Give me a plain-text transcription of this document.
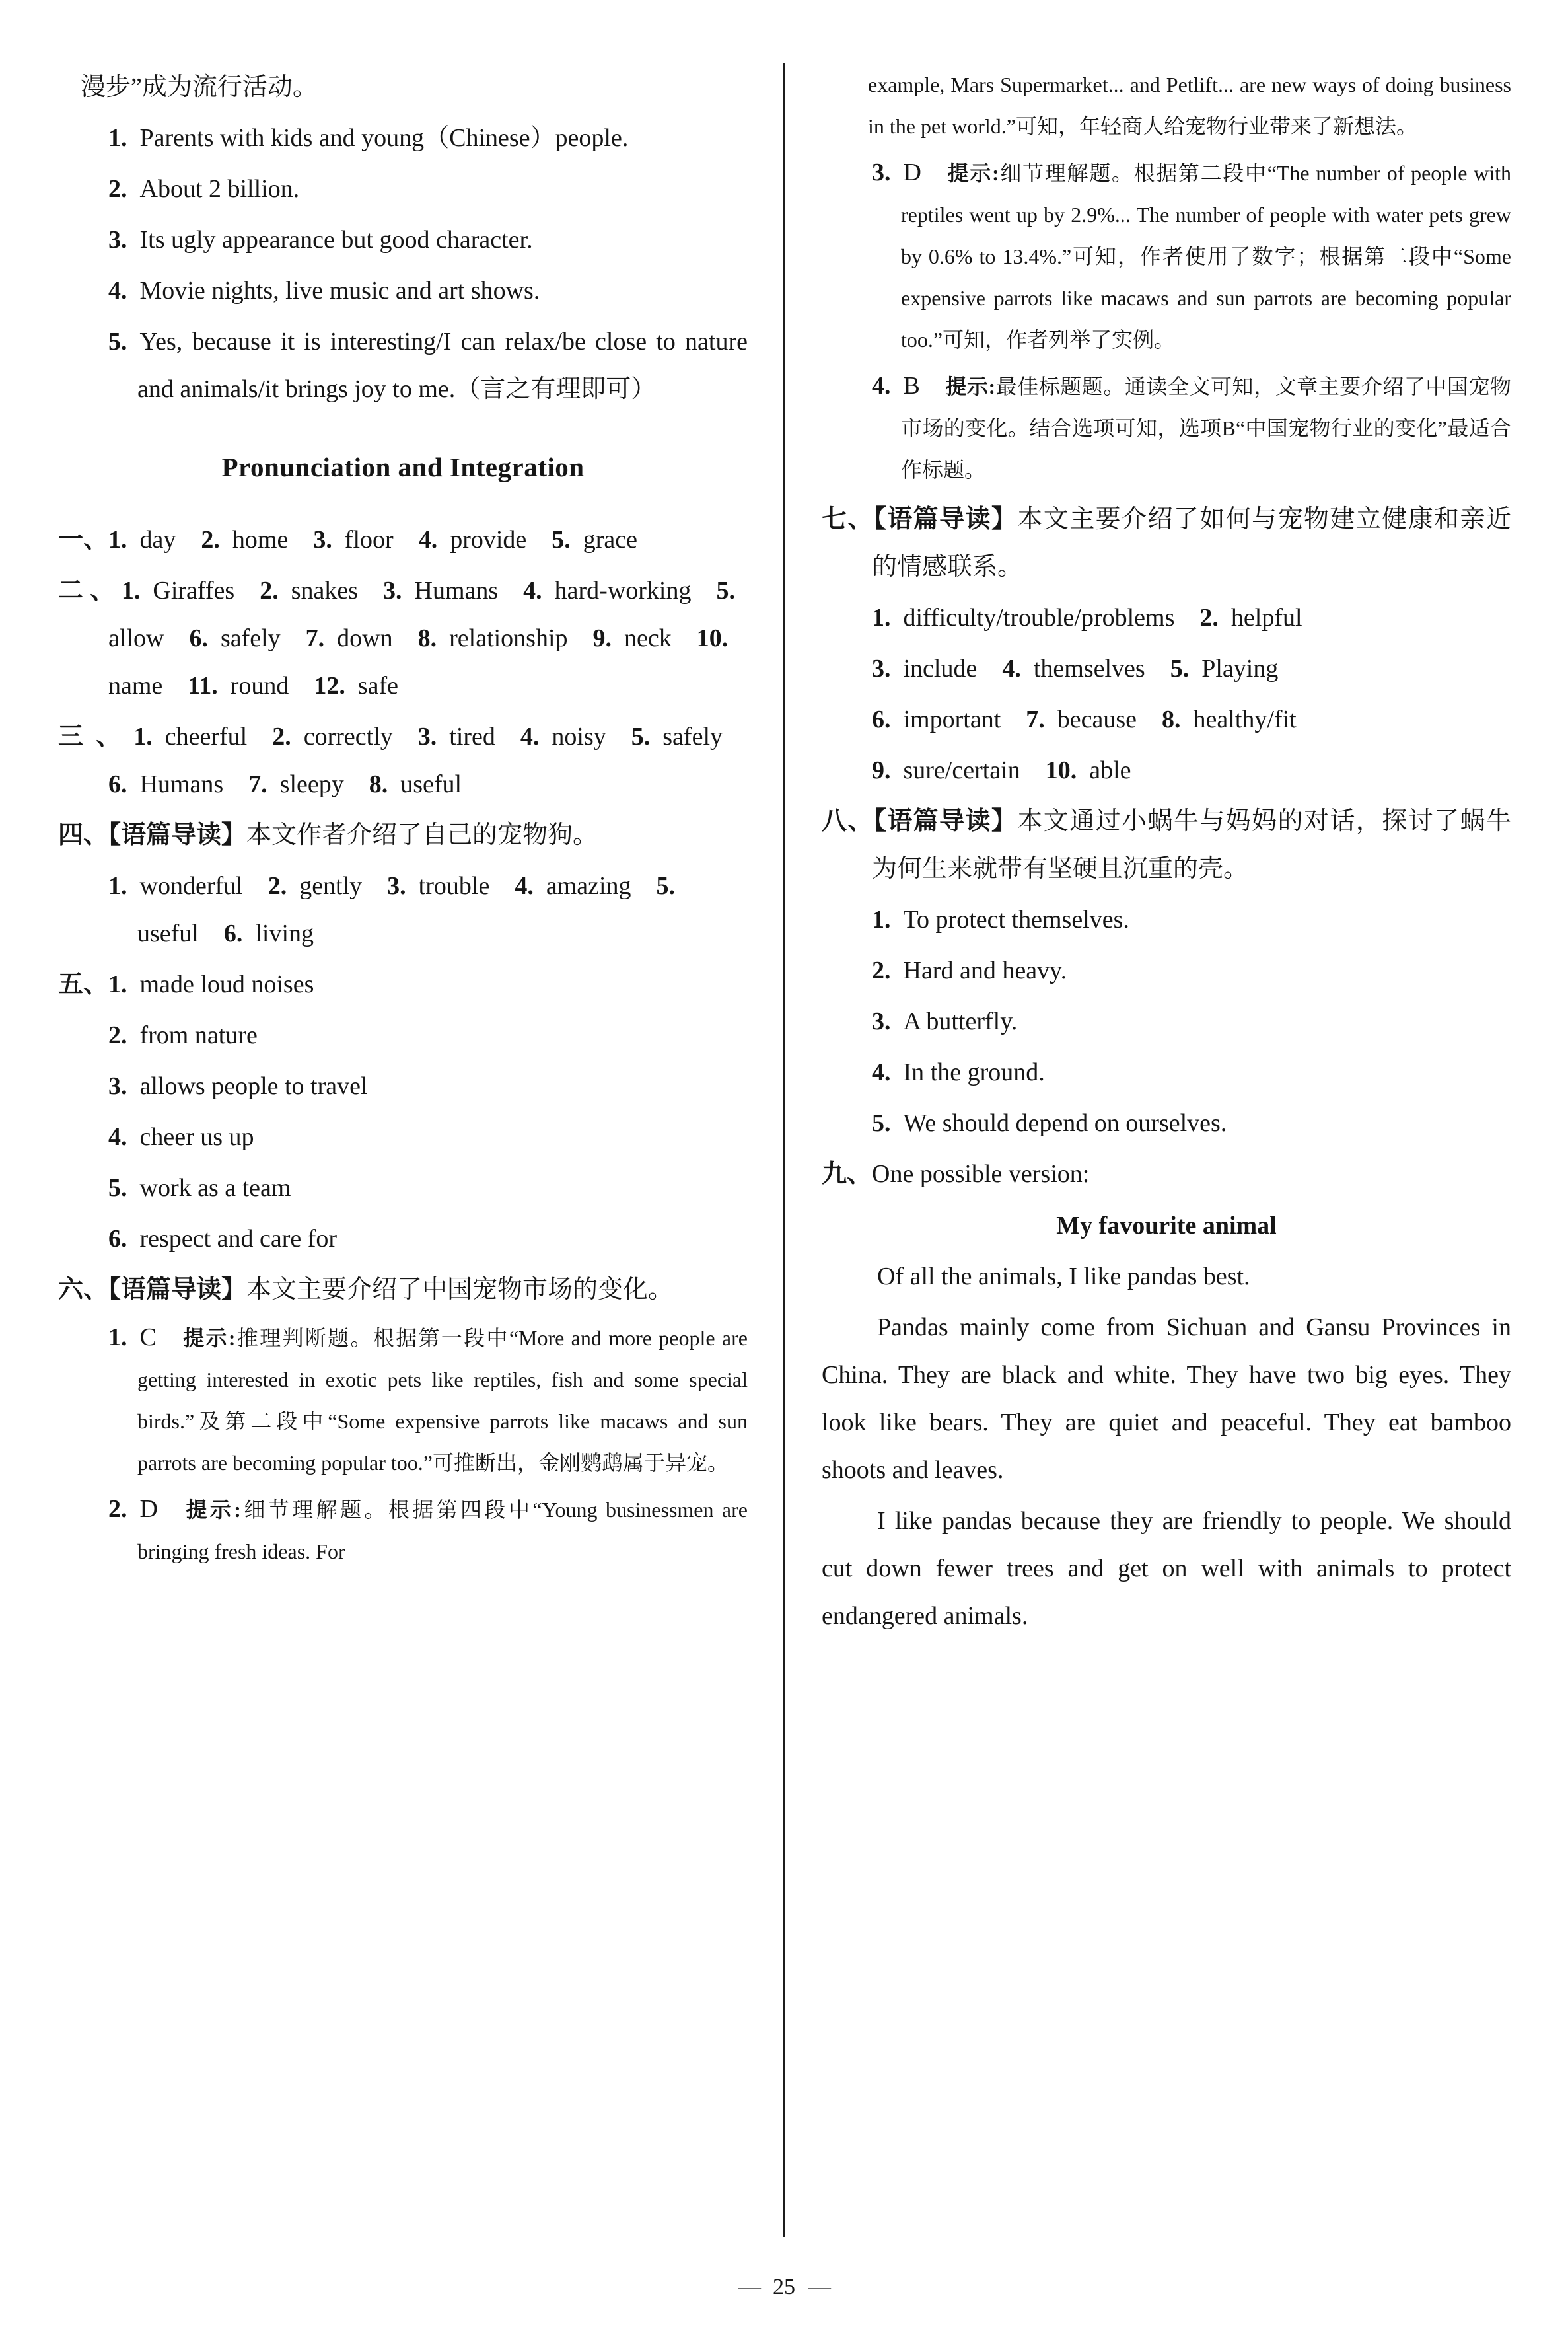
漫步”成为流行活动。
1. Parents with kids and young（Chinese）people.
2. About 2 billion.
3. Its ugly appearance but good character.
4. Movie nights, live music and art shows.
5. Yes, because it is interesting/I can relax/be close to nature and animals/it brings joy to me.（言之有理即可）
Pronunciation and Integration
一、1. day 2. home 3. floor 4. provide 5. grace
二、1. Giraffes 2. snakes 3. Humans 4. hard-working 5. allow 6. safely 7. down 8. relationship 9. neck 10. name 11. round 12. safe
三、1. cheerful 2. correctly 3. tired 4. noisy 5. safely 6. Humans 7. sleepy 8. useful
四、【语篇导读】本文作者介绍了自己的宠物狗。
1. wonderful 2. gently 3. trouble 4. amazing 5. useful 6. living
五、1. made loud noises
2. from nature
3. allows people to travel
4. cheer us up
5. work as a team
6. respect and care for
六、【语篇导读】本文主要介绍了中国宠物市场的变化。
1. C 提示:推理判断题。根据第一段中“More and more people are getting interested in exotic pets like reptiles, fish and some special birds.”及第二段中“Some expensive parrots like macaws and sun parrots are becoming popular too.”可推断出，金刚鹦鹉属于异宠。
2. D 提示:细节理解题。根据第四段中“Young businessmen are bringing fresh ideas. For
example, Mars Supermarket... and Petlift... are new ways of doing business in the pet world.”可知，年轻商人给宠物行业带来了新想法。
3. D 提示:细节理解题。根据第二段中“The number of people with reptiles went up by 2.9%... The number of people with water pets grew by 0.6% to 13.4%.”可知，作者使用了数字；根据第二段中“Some expensive parrots like macaws and sun parrots are becoming popular too.”可知，作者列举了实例。
4. B 提示:最佳标题题。通读全文可知，文章主要介绍了中国宠物市场的变化。结合选项可知，选项B“中国宠物行业的变化”最适合作标题。
七、【语篇导读】本文主要介绍了如何与宠物建立健康和亲近的情感联系。
1. difficulty/trouble/problems 2. helpful
3. include 4. themselves 5. Playing
6. important 7. because 8. healthy/fit
9. sure/certain 10. able
八、【语篇导读】本文通过小蜗牛与妈妈的对话，探讨了蜗牛为何生来就带有坚硬且沉重的壳。
1. To protect themselves.
2. Hard and heavy.
3. A butterfly.
4. In the ground.
5. We should depend on ourselves.
九、One possible version:
My favourite animal
Of all the animals, I like pandas best.
Pandas mainly come from Sichuan and Gansu Provinces in China. They are black and white. They have two big eyes. They look like bears. They are quiet and peaceful. They eat bamboo shoots and leaves.
I like pandas because they are friendly to people. We should cut down fewer trees and get on well with animals to protect endangered animals.
— 25 —
